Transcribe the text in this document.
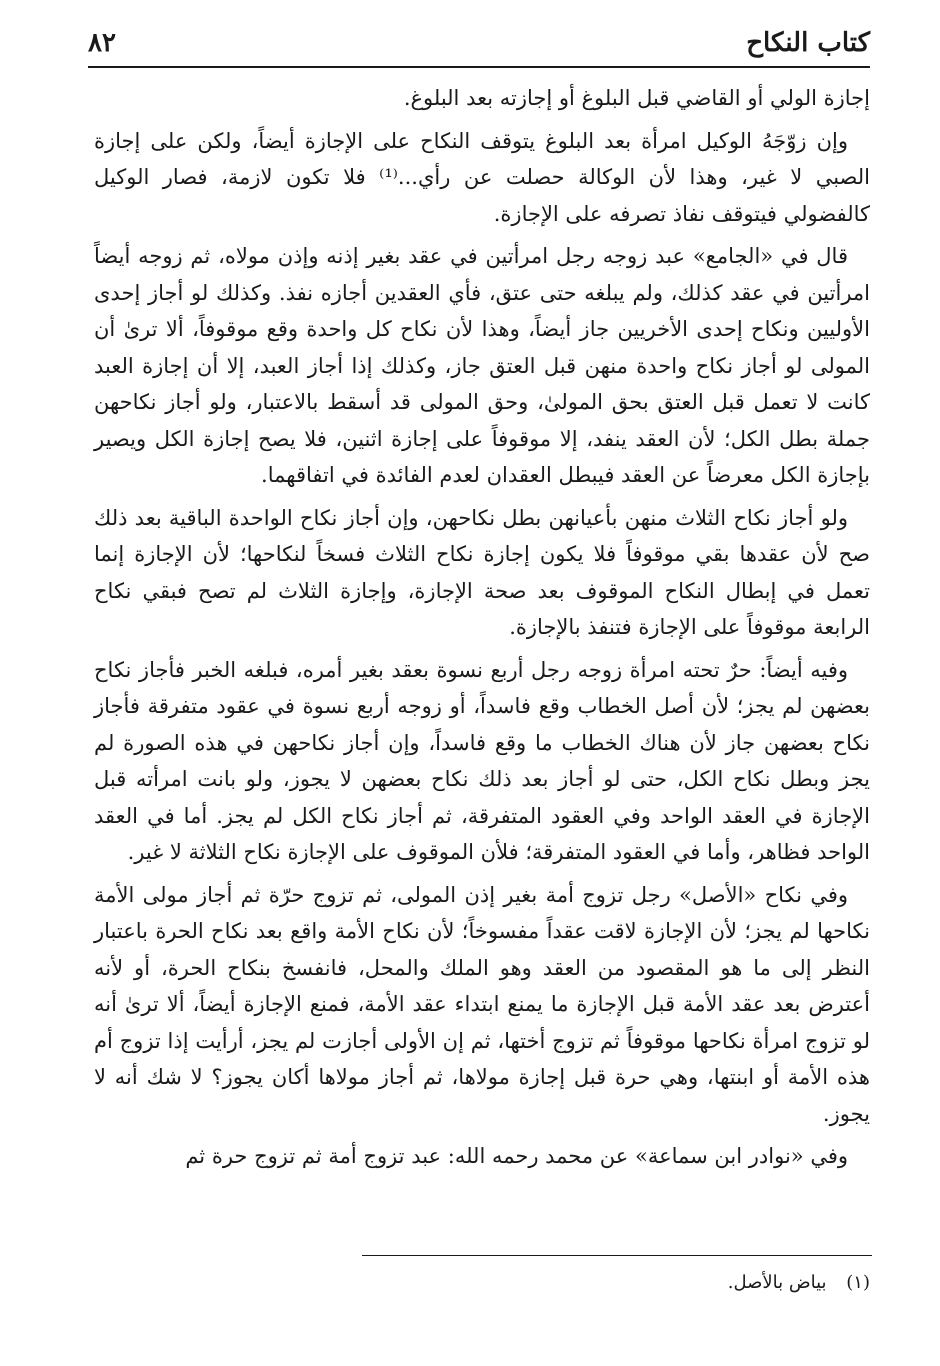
كتاب النكاح
٨٢

إجازة الولي أو القاضي قبل البلوغ أو إجازته بعد البلوغ.

وإن زوّجَهُ الوكيل امرأة بعد البلوغ يتوقف النكاح على الإجازة أيضاً، ولكن على إجازة الصبي لا غير، وهذا لأن الوكالة حصلت عن رأي...⁽¹⁾ فلا تكون لازمة، فصار الوكيل كالفضولي فيتوقف نفاذ تصرفه على الإجازة.

قال في «الجامع» عبد زوجه رجل امرأتين في عقد بغير إذنه وإذن مولاه، ثم زوجه أيضاً امرأتين في عقد كذلك، ولم يبلغه حتى عتق، فأي العقدين أجازه نفذ. وكذلك لو أجاز إحدى الأوليين ونكاح إحدى الأخريين جاز أيضاً، وهذا لأن نكاح كل واحدة وقع موقوفاً، ألا ترىٰ أن المولى لو أجاز نكاح واحدة منهن قبل العتق جاز، وكذلك إذا أجاز العبد، إلا أن إجازة العبد كانت لا تعمل قبل العتق بحق المولىٰ، وحق المولى قد أسقط بالاعتبار، ولو أجاز نكاحهن جملة بطل الكل؛ لأن العقد ينفد، إلا موقوفاً على إجازة اثنين، فلا يصح إجازة الكل ويصير بإجازة الكل معرضاً عن العقد فيبطل العقدان لعدم الفائدة في اتفاقهما.

ولو أجاز نكاح الثلاث منهن بأعيانهن بطل نكاحهن، وإن أجاز نكاح الواحدة الباقية بعد ذلك صح لأن عقدها بقي موقوفاً فلا يكون إجازة نكاح الثلاث فسخاً لنكاحها؛ لأن الإجازة إنما تعمل في إبطال النكاح الموقوف بعد صحة الإجازة، وإجازة الثلاث لم تصح فبقي نكاح الرابعة موقوفاً على الإجازة فتنفذ بالإجازة.

وفيه أيضاً: حرٌ تحته امرأة زوجه رجل أربع نسوة بعقد بغير أمره، فبلغه الخبر فأجاز نكاح بعضهن لم يجز؛ لأن أصل الخطاب وقع فاسداً، أو زوجه أربع نسوة في عقود متفرقة فأجاز نكاح بعضهن جاز لأن هناك الخطاب ما وقع فاسداً، وإن أجاز نكاحهن في هذه الصورة لم يجز وبطل نكاح الكل، حتى لو أجاز بعد ذلك نكاح بعضهن لا يجوز، ولو بانت امرأته قبل الإجازة في العقد الواحد وفي العقود المتفرقة، ثم أجاز نكاح الكل لم يجز. أما في العقد الواحد فظاهر، وأما في العقود المتفرقة؛ فلأن الموقوف على الإجازة نكاح الثلاثة لا غير.

وفي نكاح «الأصل» رجل تزوج أمة بغير إذن المولى، ثم تزوج حرّة ثم أجاز مولى الأمة نكاحها لم يجز؛ لأن الإجازة لاقت عقداً مفسوخاً؛ لأن نكاح الأمة واقع بعد نكاح الحرة باعتبار النظر إلى ما هو المقصود من العقد وهو الملك والمحل، فانفسخ بنكاح الحرة، أو لأنه أعترض بعد عقد الأمة قبل الإجازة ما يمنع ابتداء عقد الأمة، فمنع الإجازة أيضاً، ألا ترىٰ أنه لو تزوج امرأة نكاحها موقوفاً ثم تزوج أختها، ثم إن الأولى أجازت لم يجز، أرأيت إذا تزوج أم هذه الأمة أو ابنتها، وهي حرة قبل إجازة مولاها، ثم أجاز مولاها أكان يجوز؟ لا شك أنه لا يجوز.

وفي «نوادر ابن سماعة» عن محمد رحمه الله: عبد تزوج أمة ثم تزوج حرة ثم

(١) بياض بالأصل.
